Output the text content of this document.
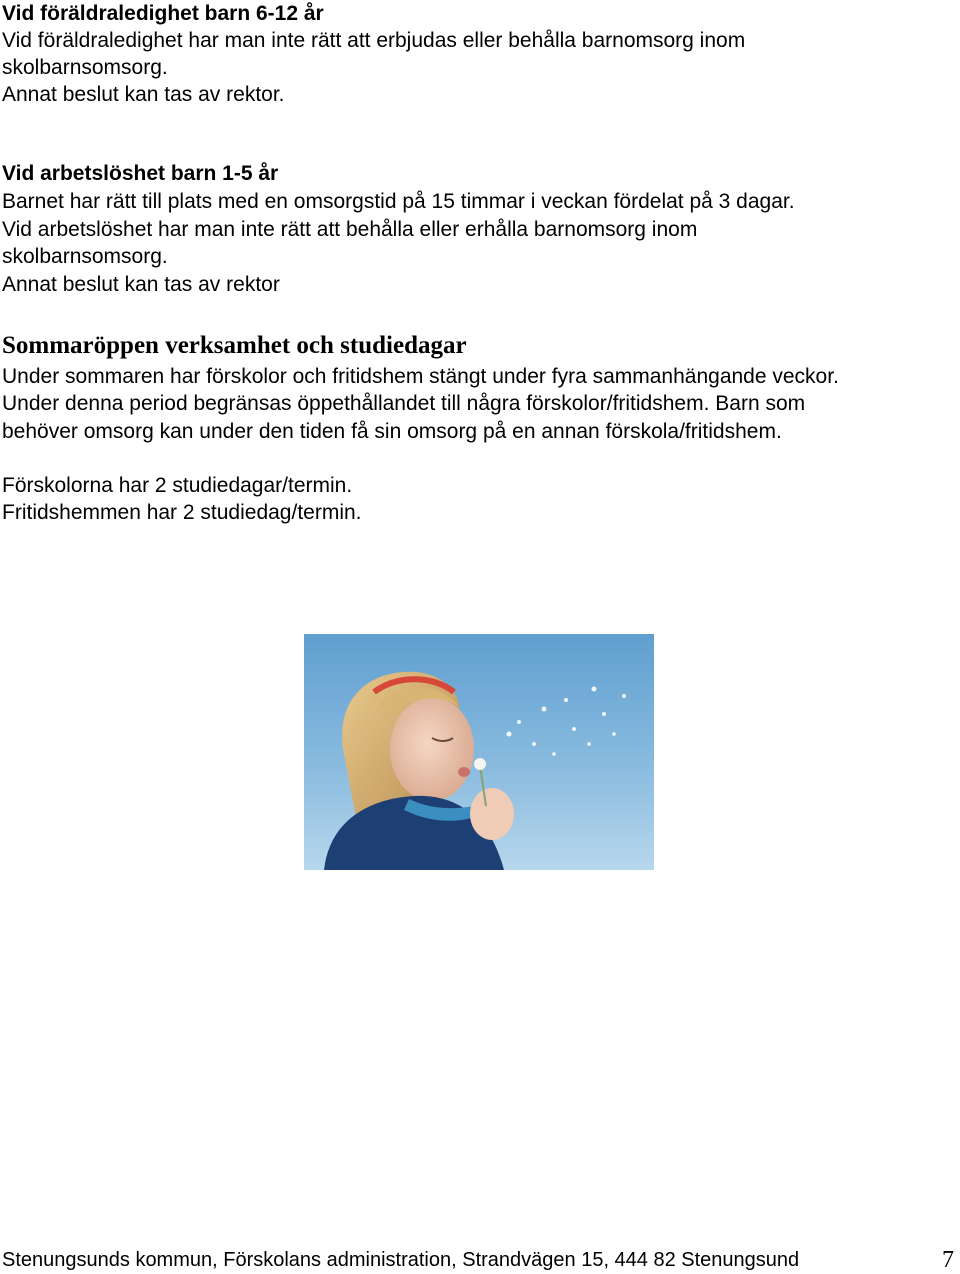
Vid föräldraledighet barn 6-12 år

Vid föräldraledighet har man inte rätt att erbjudas eller behålla barnomsorg inom

skolbarnsomsorg.

Annat beslut kan tas av rektor.

Vid arbetslöshet barn 1-5 år

Barnet har rätt till plats med en omsorgstid på 15 timmar i veckan fördelat på 3 dagar.

Vid arbetslöshet har man inte rätt att behålla eller erhålla barnomsorg inom

skolbarnsomsorg.

Annat beslut kan tas av rektor

Sommaröppen verksamhet och studiedagar

Under sommaren har förskolor och fritidshem stängt under fyra sammanhängande veckor.

Under denna period begränsas öppethållandet till några förskolor/fritidshem. Barn som

behöver omsorg kan under den tiden få sin omsorg på en annan förskola/fritidshem.

Förskolorna har 2 studiedagar/termin.

Fritidshemmen har 2 studiedag/termin.

Stenungsunds kommun, Förskolans administration, Strandvägen 15, 444 82 Stenungsund	7
